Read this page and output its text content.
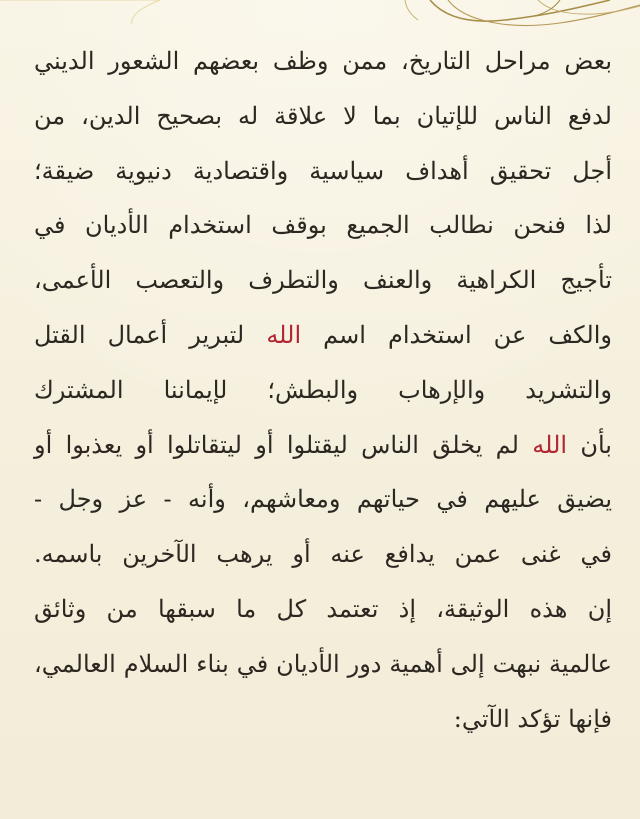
بعض مراحل التاريخ، ممن وظف بعضهم الشعور الديني
لدفع الناس للإتيان بما لا علاقة له بصحيح الدين، من
أجل تحقيق أهداف سياسية واقتصادية دنيوية ضيقة؛
لذا فنحن نطالب الجميع بوقف استخدام الأديان في
تأجيج الكراهية والعنف والتطرف والتعصب الأعمى،
والكف عن استخدام اسم الله لتبرير أعمال القتل
والتشريد والإرهاب والبطش؛ لإيماننا المشترك
بأن الله لم يخلق الناس ليقتلوا أو ليتقاتلوا أو يعذبوا أو
يضيق عليهم في حياتهم ومعاشهم، وأنه - عز وجل -
في غنى عمن يدافع عنه أو يرهب الآخرين باسمه.
إن هذه الوثيقة، إذ تعتمد كل ما سبقها من وثائق
عالمية نبهت إلى أهمية دور الأديان في بناء السلام العالمي،
فإنها تؤكد الآتي:
